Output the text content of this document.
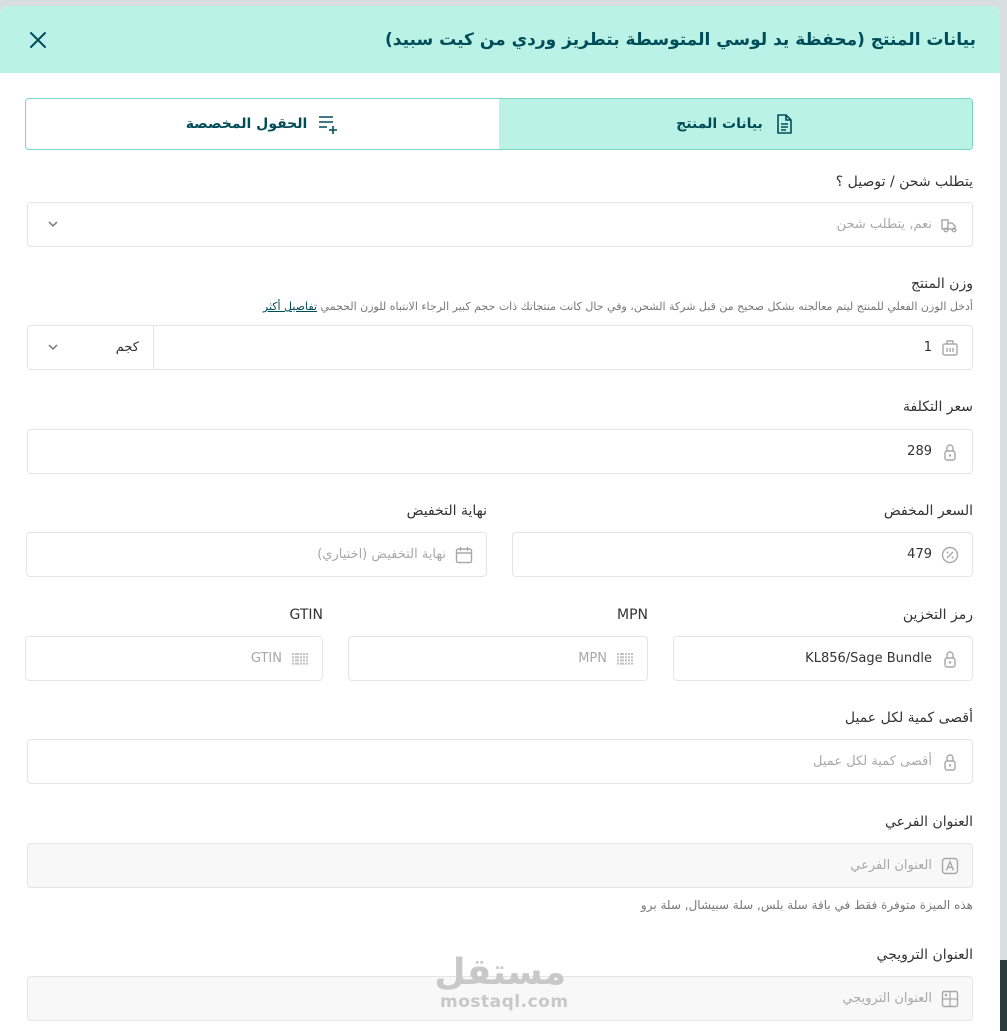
بيانات المنتج (محفظة يد لوسي المتوسطة بتطريز وردي من كيت سبيد)
بيانات المنتج
الحقول المخصصة
يتطلب شحن / توصيل ؟
نعم, يتطلب شحن
وزن المنتج
أدخل الوزن الفعلي للمنتج ليتم معالجته بشكل صحيح من قبل شركة الشحن، وفي حال كانت منتجاتك ذات حجم كبير الرجاء الانتباه للوزن الحجمي تفاصيل أكثر
1
كجم
سعر التكلفة
289
السعر المخفض
479
نهاية التخفيض
نهاية التخفيض (اختياري)
رمز التخزين
KL856/Sage Bundle
MPN
MPN
GTIN
GTIN
أقصى كمية لكل عميل
أقصى كمية لكل عميل
العنوان الفرعي
العنوان الفرعي
هذه الميزة متوفرة فقط في باقة سلة بلس, سلة سبيشال, سلة برو
العنوان الترويجي
العنوان الترويجي
مستقل
mostaql.com
